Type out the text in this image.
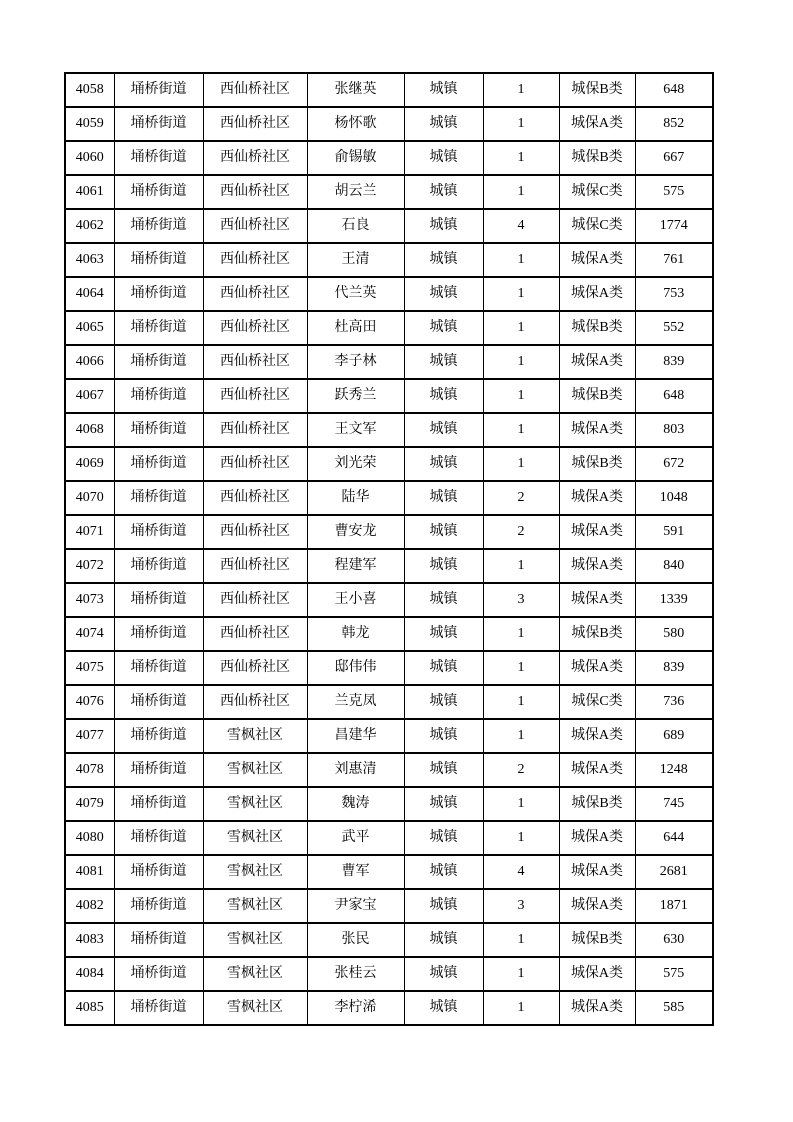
4058	埇桥街道	西仙桥社区	张继英	城镇	1	城保B类	648
4059	埇桥街道	西仙桥社区	杨怀歌	城镇	1	城保A类	852
4060	埇桥街道	西仙桥社区	俞锡敏	城镇	1	城保B类	667
4061	埇桥街道	西仙桥社区	胡云兰	城镇	1	城保C类	575
4062	埇桥街道	西仙桥社区	石良	城镇	4	城保C类	1774
4063	埇桥街道	西仙桥社区	王清	城镇	1	城保A类	761
4064	埇桥街道	西仙桥社区	代兰英	城镇	1	城保A类	753
4065	埇桥街道	西仙桥社区	杜高田	城镇	1	城保B类	552
4066	埇桥街道	西仙桥社区	李子林	城镇	1	城保A类	839
4067	埇桥街道	西仙桥社区	跃秀兰	城镇	1	城保B类	648
4068	埇桥街道	西仙桥社区	王文军	城镇	1	城保A类	803
4069	埇桥街道	西仙桥社区	刘光荣	城镇	1	城保B类	672
4070	埇桥街道	西仙桥社区	陆华	城镇	2	城保A类	1048
4071	埇桥街道	西仙桥社区	曹安龙	城镇	2	城保A类	591
4072	埇桥街道	西仙桥社区	程建军	城镇	1	城保A类	840
4073	埇桥街道	西仙桥社区	王小喜	城镇	3	城保A类	1339
4074	埇桥街道	西仙桥社区	韩龙	城镇	1	城保B类	580
4075	埇桥街道	西仙桥社区	邸伟伟	城镇	1	城保A类	839
4076	埇桥街道	西仙桥社区	兰克凤	城镇	1	城保C类	736
4077	埇桥街道	雪枫社区	昌建华	城镇	1	城保A类	689
4078	埇桥街道	雪枫社区	刘惠清	城镇	2	城保A类	1248
4079	埇桥街道	雪枫社区	魏涛	城镇	1	城保B类	745
4080	埇桥街道	雪枫社区	武平	城镇	1	城保A类	644
4081	埇桥街道	雪枫社区	曹军	城镇	4	城保A类	2681
4082	埇桥街道	雪枫社区	尹家宝	城镇	3	城保A类	1871
4083	埇桥街道	雪枫社区	张民	城镇	1	城保B类	630
4084	埇桥街道	雪枫社区	张桂云	城镇	1	城保A类	575
4085	埇桥街道	雪枫社区	李柠浠	城镇	1	城保A类	585
